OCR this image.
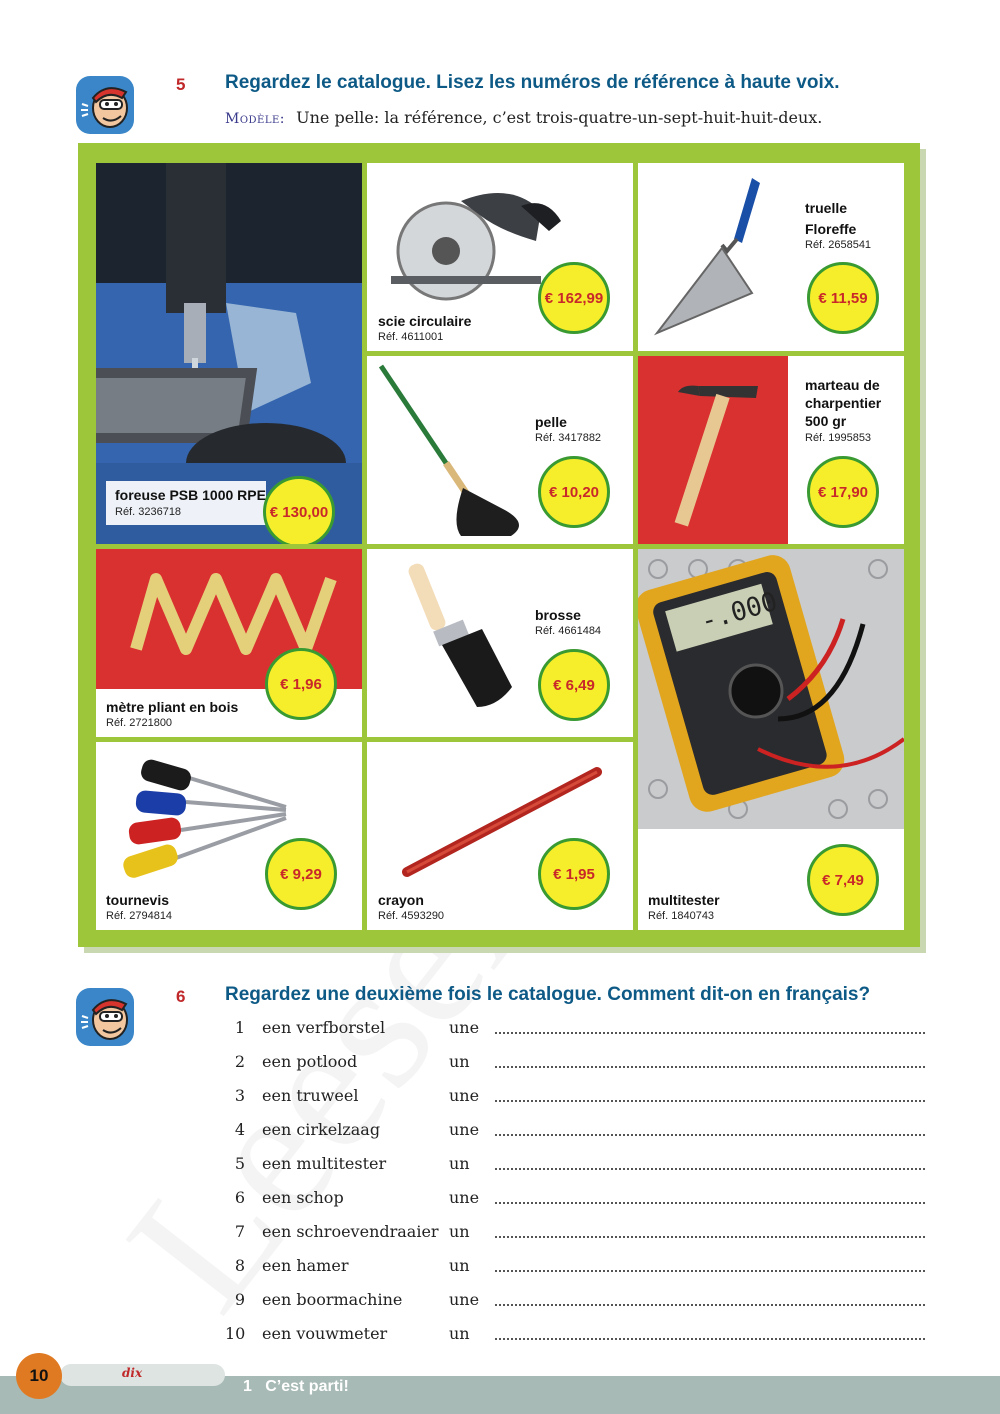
5 Regardez le catalogue. Lisez les numéros de référence à haute voix.
Modèle: Une pelle: la référence, c’est trois-quatre-un-sept-huit-huit-deux.
foreuse PSB 1000 RPE
Réf. 3236718	€ 130,00
scie circulaire
Réf. 4611001
€ 162,99
truelle
Floreffe
Réf. 2658541
€ 11,59
pelle
Réf. 3417882
€ 10,20
marteau de
charpentier
500 gr
Réf. 1995853
€ 17,90
mètre pliant en bois
Réf. 2721800
€ 1,96
brosse
Réf. 4661484
€ 6,49
-.000
multitester
Réf. 1840743
€ 7,49
tournevis
Réf. 2794814
€ 9,29
crayon
Réf. 4593290
€ 1,95
6 Regardez une deuxième fois le catalogue. Comment dit-on en français?
1 een verfborstel	une
2 een potlood	un
3 een truweel	une
4 een cirkelzaag	une
5 een multitester	un
6 een schop	une
7 een schroevendraaier un
8 een hamer	un
9 een boormachine	une
10 een vouwmeter	un
dix
10
1   C’est parti!
